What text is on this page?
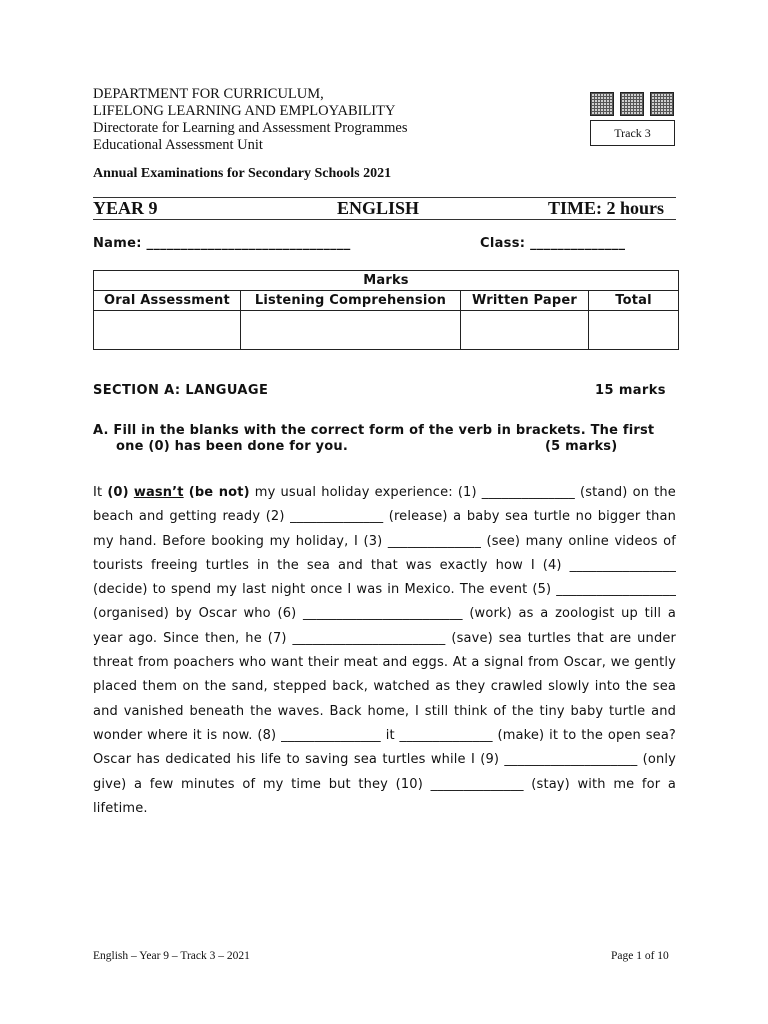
DEPARTMENT FOR CURRICULUM,
LIFELONG LEARNING AND EMPLOYABILITY
Directorate for Learning and Assessment Programmes
Educational Assessment Unit
Track 3
Annual Examinations for Secondary Schools 2021
YEAR 9	ENGLISH	TIME: 2 hours
Name: ______________________________	Class: ______________
Marks			
Oral Assessment	Listening Comprehension	Written Paper	Total

SECTION A: LANGUAGE	15 marks
A. Fill in the blanks with the correct form of the verb in brackets. The first
one (0) has been done for you.	(5 marks)
It (0) wasn’t (be not) my usual holiday experience: (1) ______________ (stand) on the beach and getting ready (2) ______________ (release) a baby sea turtle no bigger than my hand. Before booking my holiday, I (3) ______________ (see) many online videos of tourists freeing turtles in the sea and that was exactly how I (4) ________________ (decide) to spend my last night once I was in Mexico. The event (5) __________________ (organised) by Oscar who (6) ________________________ (work) as a zoologist up till a year ago. Since then, he (7) _______________________ (save) sea turtles that are under threat from poachers who want their meat and eggs. At a signal from Oscar, we gently placed them on the sand, stepped back, watched as they crawled slowly into the sea and vanished beneath the waves. Back home, I still think of the tiny baby turtle and wonder where it is now. (8) _______________ it ______________ (make) it to the open sea? Oscar has dedicated his life to saving sea turtles while I (9) ____________________ (only give) a few minutes of my time but they (10) ______________ (stay) with me for a lifetime.
English – Year 9 – Track 3 – 2021	Page 1 of 10
